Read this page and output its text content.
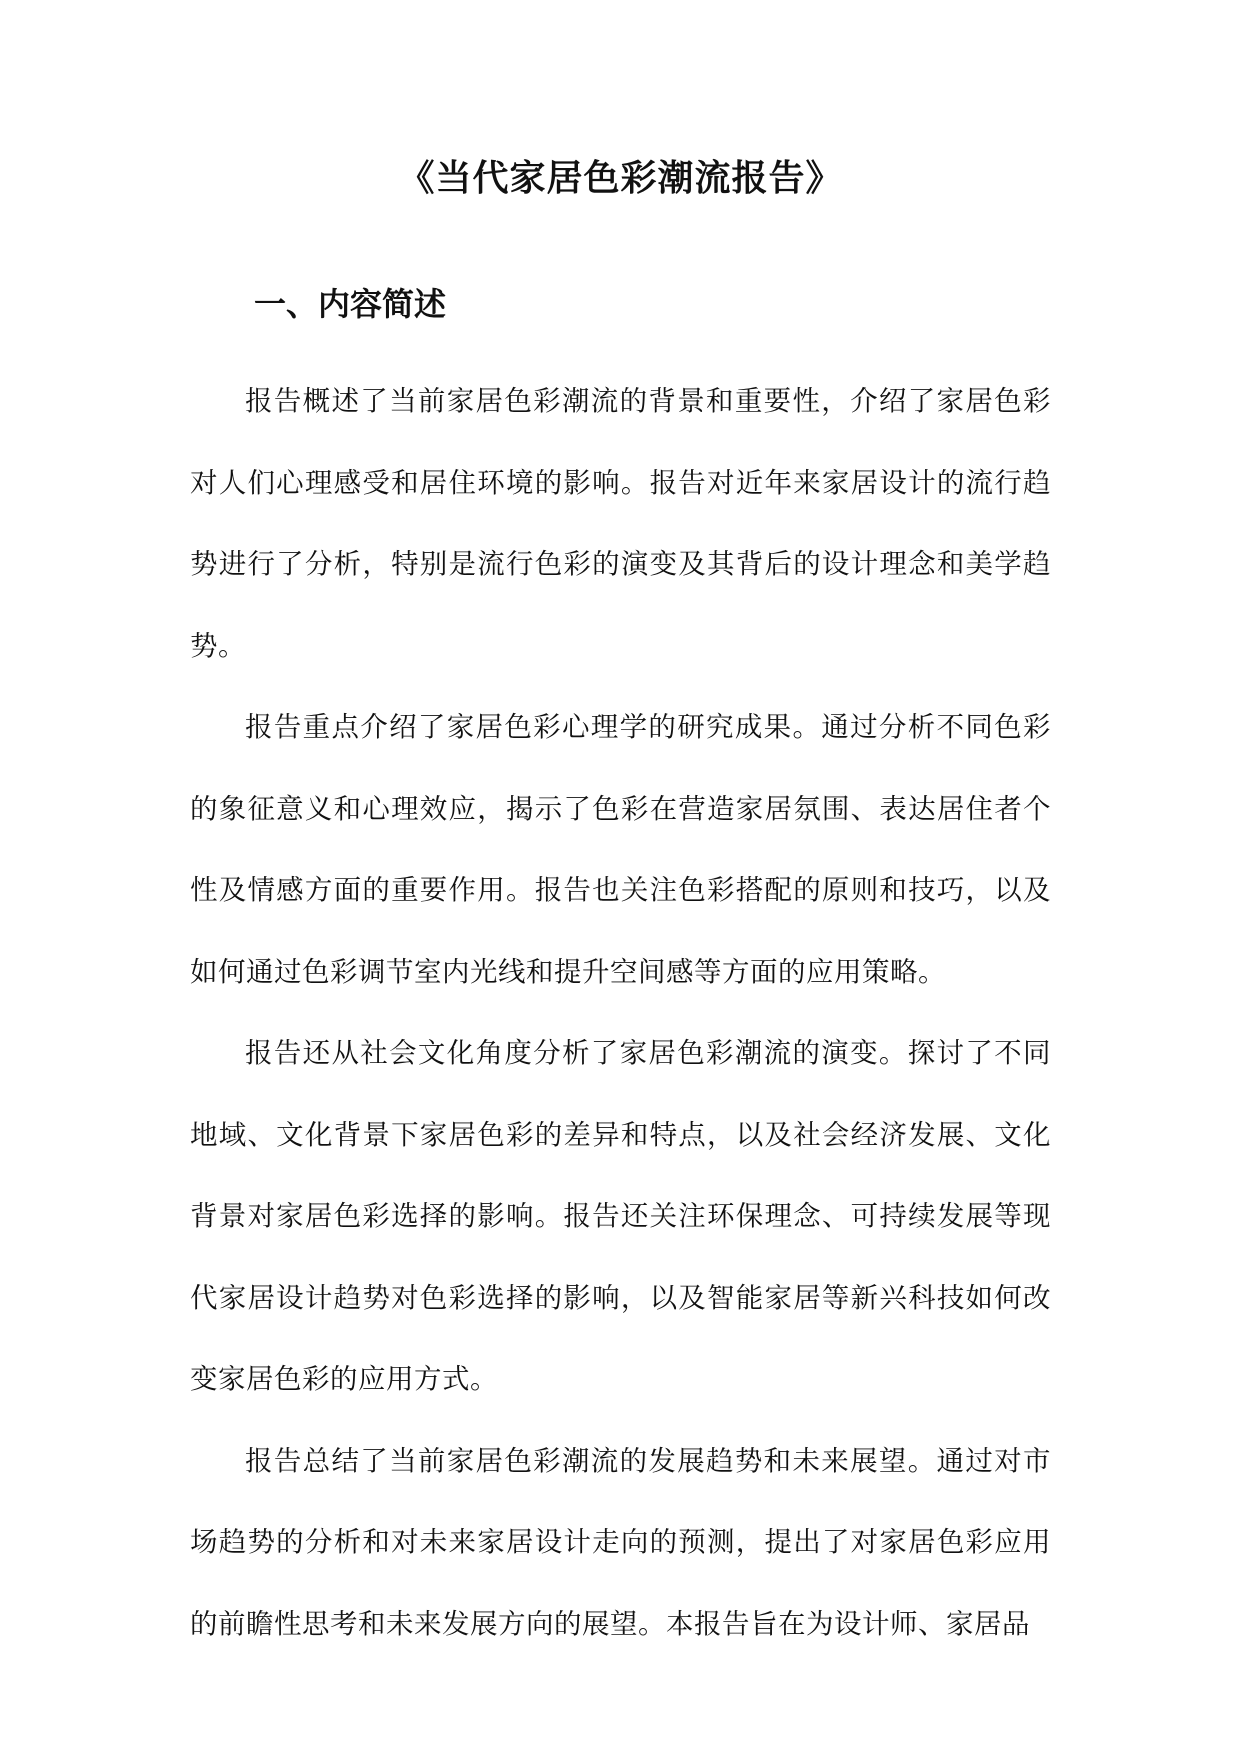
《当代家居色彩潮流报告》
一、内容简述

报告概述了当前家居色彩潮流的背景和重要性，介绍了家居色彩对人们心理感受和居住环境的影响。报告对近年来家居设计的流行趋势进行了分析，特别是流行色彩的演变及其背后的设计理念和美学趋势。

报告重点介绍了家居色彩心理学的研究成果。通过分析不同色彩的象征意义和心理效应，揭示了色彩在营造家居氛围、表达居住者个性及情感方面的重要作用。报告也关注色彩搭配的原则和技巧，以及如何通过色彩调节室内光线和提升空间感等方面的应用策略。

报告还从社会文化角度分析了家居色彩潮流的演变。探讨了不同地域、文化背景下家居色彩的差异和特点，以及社会经济发展、文化背景对家居色彩选择的影响。报告还关注环保理念、可持续发展等现代家居设计趋势对色彩选择的影响，以及智能家居等新兴科技如何改变家居色彩的应用方式。

报告总结了当前家居色彩潮流的发展趋势和未来展望。通过对市场趋势的分析和对未来家居设计走向的预测，提出了对家居色彩应用的前瞻性思考和未来发展方向的展望。本报告旨在为设计师、家居品
